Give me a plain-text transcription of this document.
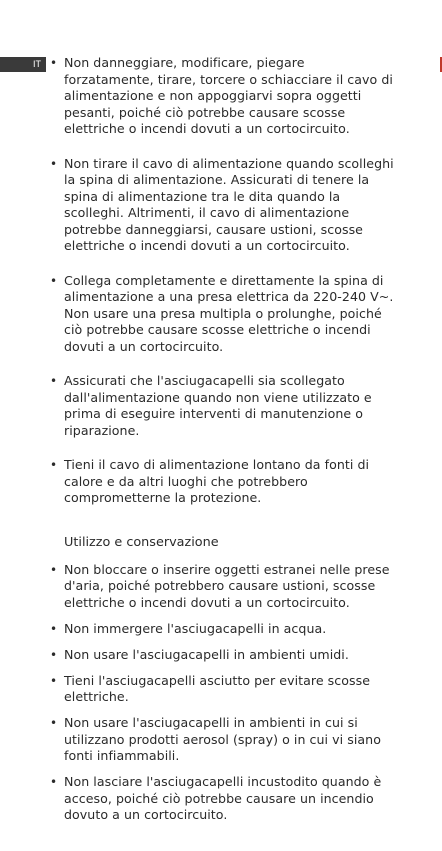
IT • Non danneggiare, modificare, piegare forzatamente, tirare, torcere o schiacciare il cavo di alimentazione e non appoggiarvi sopra oggetti pesanti, poiché ciò potrebbe causare scosse elettriche o incendi dovuti a un cortocircuito.
• Non tirare il cavo di alimentazione quando scolleghi la spina di alimentazione. Assicurati di tenere la spina di alimentazione tra le dita quando la scolleghi. Altrimenti, il cavo di alimentazione potrebbe danneggiarsi, causare ustioni, scosse elettriche o incendi dovuti a un cortocircuito.
• Collega completamente e direttamente la spina di alimentazione a una presa elettrica da 220-240 V~. Non usare una presa multipla o prolunghe, poiché ciò potrebbe causare scosse elettriche o incendi dovuti a un cortocircuito.
• Assicurati che l'asciugacapelli sia scollegato dall'alimentazione quando non viene utilizzato e prima di eseguire interventi di manutenzione o riparazione.
• Tieni il cavo di alimentazione lontano da fonti di calore e da altri luoghi che potrebbero comprometterne la protezione.
Utilizzo e conservazione
• Non bloccare o inserire oggetti estranei nelle prese d'aria, poiché potrebbero causare ustioni, scosse elettriche o incendi dovuti a un cortocircuito.
• Non immergere l'asciugacapelli in acqua.
• Non usare l'asciugacapelli in ambienti umidi.
• Tieni l'asciugacapelli asciutto per evitare scosse elettriche.
• Non usare l'asciugacapelli in ambienti in cui si utilizzano prodotti aerosol (spray) o in cui vi siano fonti infiammabili.
• Non lasciare l'asciugacapelli incustodito quando è acceso, poiché ciò potrebbe causare un incendio dovuto a un cortocircuito.
